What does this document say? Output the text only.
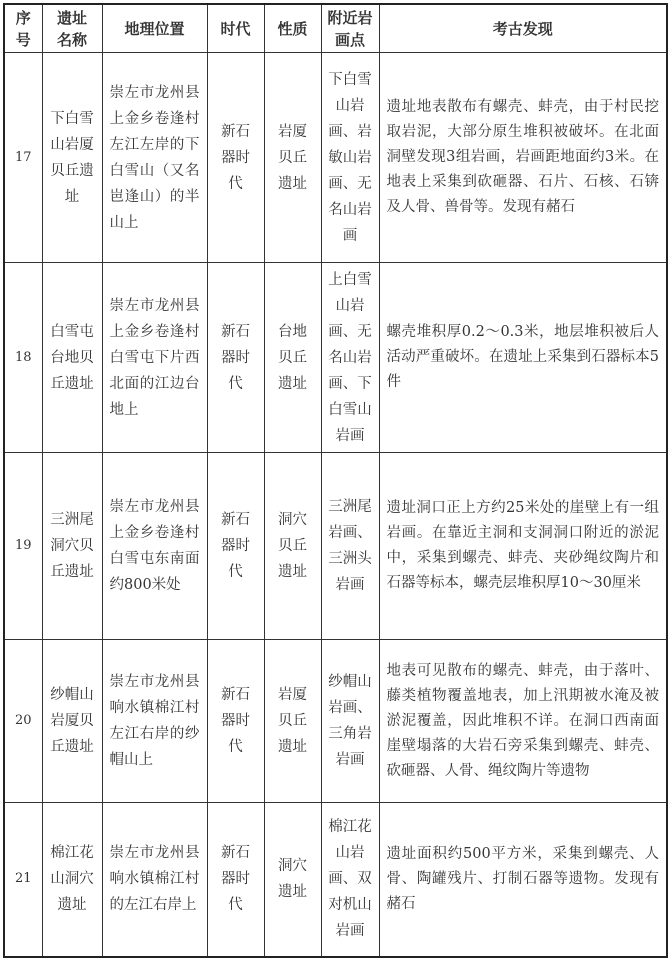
序号	遗址名称	地理位置	时代	性质	附近岩画点	考古发现
17	下白雪山岩厦贝丘遗址	崇左市龙州县上金乡卷逢村左江左岸的下白雪山（又名岜逢山）的半山上	新石器时代	岩厦贝丘遗址	下白雪山岩画、岩敏山岩画、无名山岩画	遗址地表散布有螺壳、蚌壳，由于村民挖取岩泥，大部分原生堆积被破坏。在北面洞壁发现3组岩画，岩画距地面约3米。在地表上采集到砍砸器、石片、石核、石锛及人骨、兽骨等。发现有赭石
18	白雪屯台地贝丘遗址	崇左市龙州县上金乡卷逢村白雪屯下片西北面的江边台地上	新石器时代	台地贝丘遗址	上白雪山岩画、无名山岩画、下白雪山岩画	螺壳堆积厚0.2～0.3米，地层堆积被后人活动严重破坏。在遗址上采集到石器标本5件
19	三洲尾洞穴贝丘遗址	崇左市龙州县上金乡卷逢村白雪屯东南面约800米处	新石器时代	洞穴贝丘遗址	三洲尾岩画、三洲头岩画	遗址洞口正上方约25米处的崖壁上有一组岩画。在靠近主洞和支洞洞口附近的淤泥中，采集到螺壳、蚌壳、夹砂绳纹陶片和石器等标本，螺壳层堆积厚10～30厘米
20	纱帽山岩厦贝丘遗址	崇左市龙州县响水镇棉江村左江右岸的纱帽山上	新石器时代	岩厦贝丘遗址	纱帽山岩画、三角岩岩画	地表可见散布的螺壳、蚌壳，由于落叶、藤类植物覆盖地表，加上汛期被水淹及被淤泥覆盖，因此堆积不详。在洞口西南面崖壁塌落的大岩石旁采集到螺壳、蚌壳、砍砸器、人骨、绳纹陶片等遗物
21	棉江花山洞穴遗址	崇左市龙州县响水镇棉江村的左江右岸上	新石器时代	洞穴遗址	棉江花山岩画、双对机山岩画	遗址面积约500平方米，采集到螺壳、人骨、陶罐残片、打制石器等遗物。发现有赭石
